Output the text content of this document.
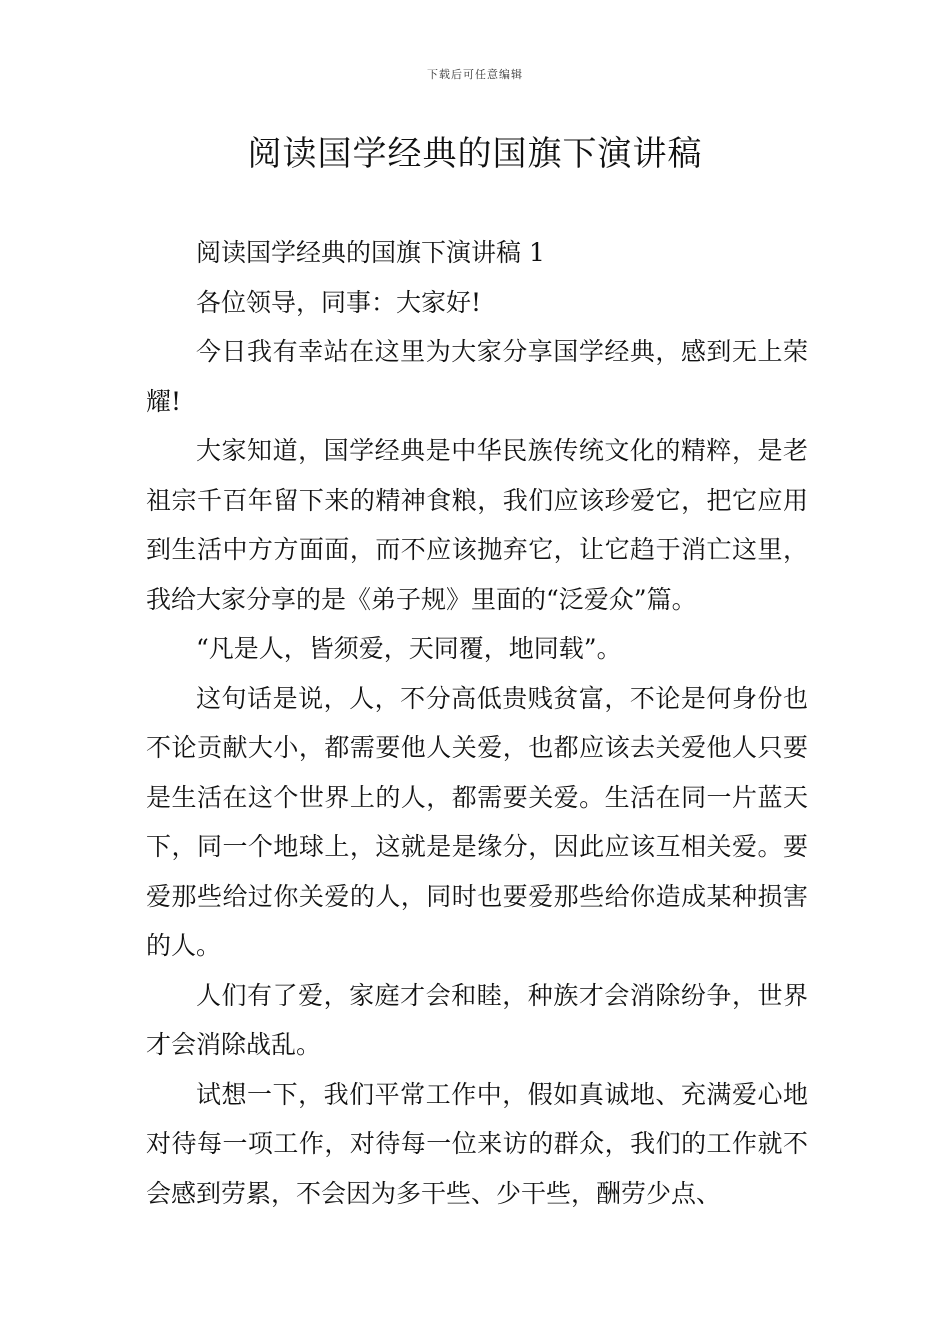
下载后可任意编辑
阅读国学经典的国旗下演讲稿

阅读国学经典的国旗下演讲稿 1

各位领导，同事：大家好!

今日我有幸站在这里为大家分享国学经典，感到无上荣耀!

大家知道，国学经典是中华民族传统文化的精粹，是老祖宗千百年留下来的精神食粮，我们应该珍爱它，把它应用到生活中方方面面，而不应该抛弃它，让它趋于消亡这里，我给大家分享的是《弟子规》里面的“泛爱众”篇。

“凡是人，皆须爱，天同覆，地同载”。

这句话是说，人，不分高低贵贱贫富，不论是何身份也不论贡献大小，都需要他人关爱，也都应该去关爱他人只要是生活在这个世界上的人，都需要关爱。生活在同一片蓝天下，同一个地球上，这就是是缘分，因此应该互相关爱。要爱那些给过你关爱的人，同时也要爱那些给你造成某种损害的人。

人们有了爱，家庭才会和睦，种族才会消除纷争，世界才会消除战乱。

试想一下，我们平常工作中，假如真诚地、充满爱心地对待每一项工作，对待每一位来访的群众，我们的工作就不会感到劳累，不会因为多干些、少干些，酬劳少点、
